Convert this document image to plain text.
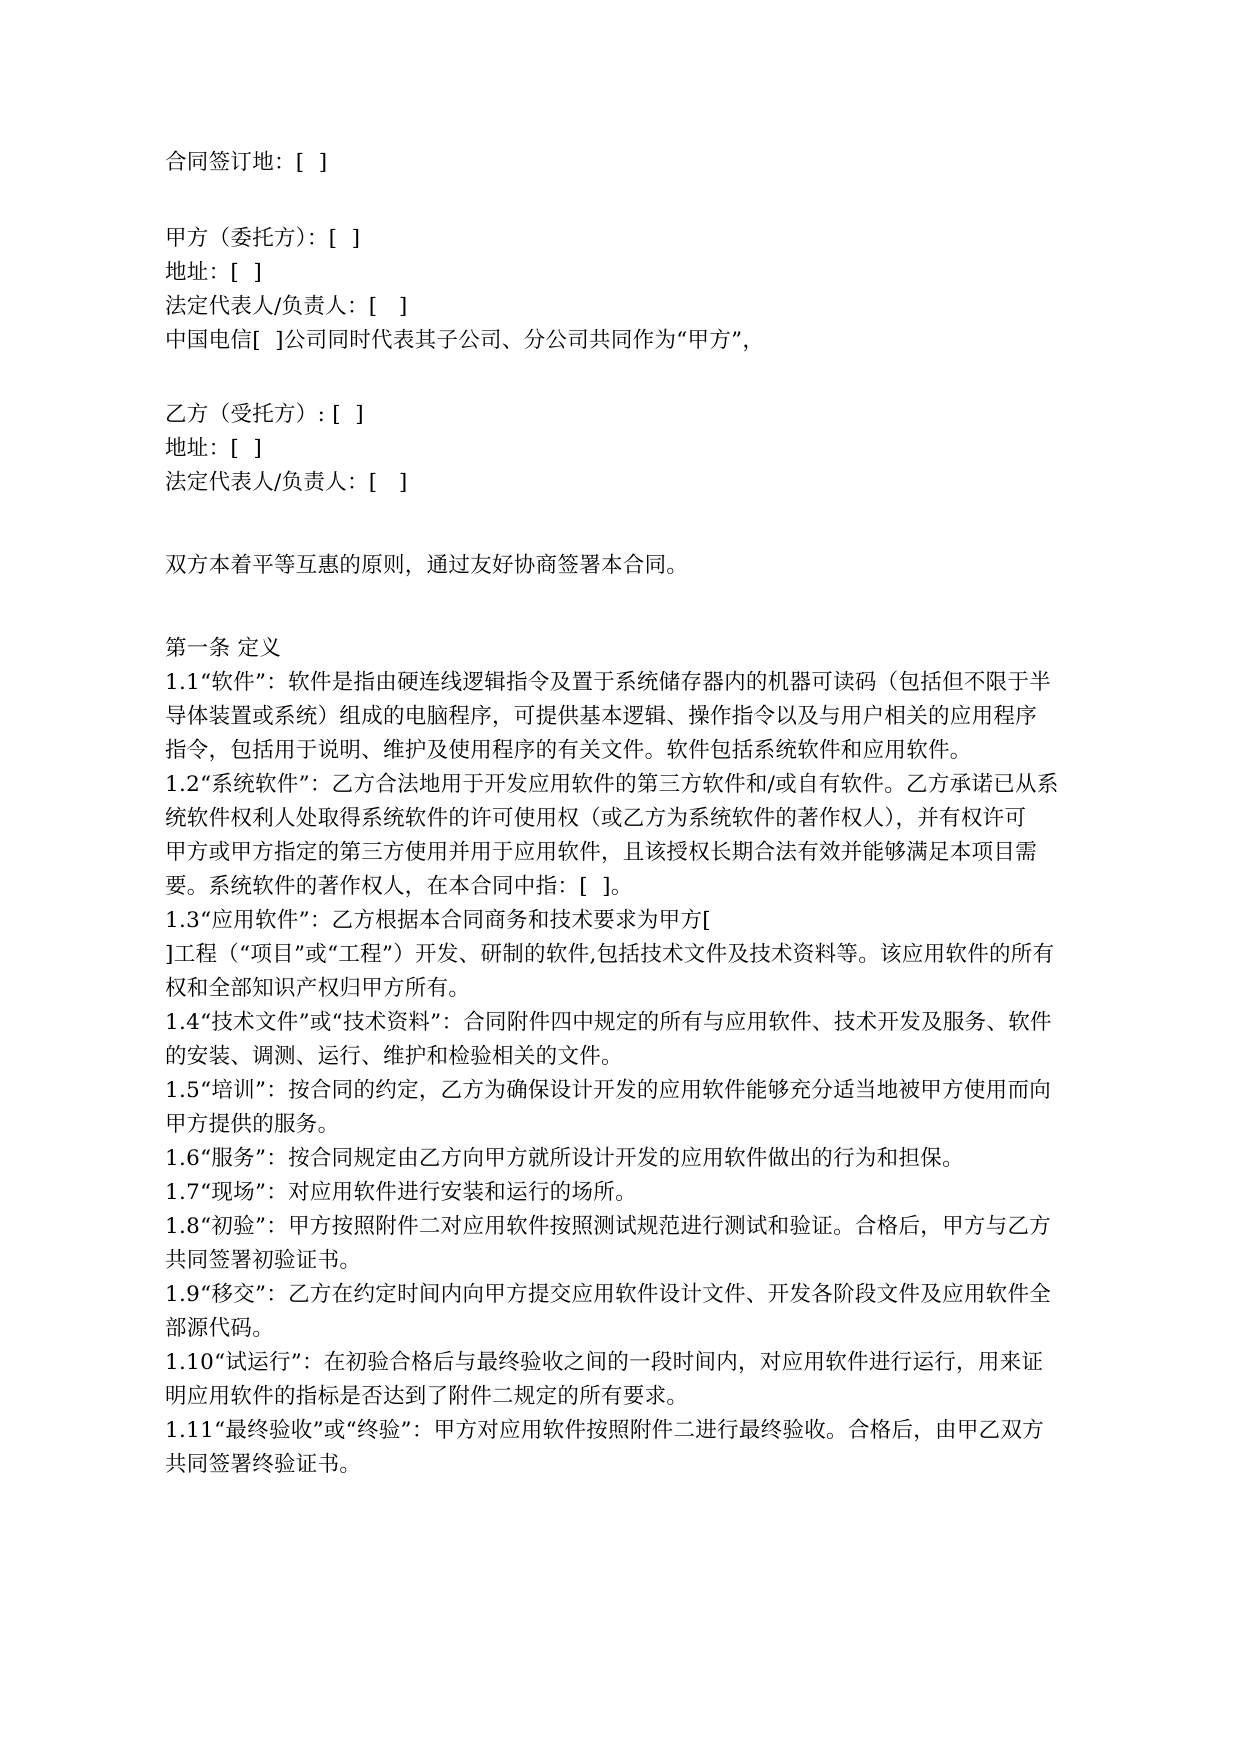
合同签订地：[  ]
甲方（委托方）：[  ]
地址：[  ]
法定代表人/负责人：[   ]
中国电信[  ]公司同时代表其子公司、分公司共同作为“甲方”，
乙方（受托方）: [  ]
地址：[  ]
法定代表人/负责人：[   ]
双方本着平等互惠的原则，通过友好协商签署本合同。
第一条 定义
1.1“软件”：软件是指由硬连线逻辑指令及置于系统储存器内的机器可读码（包括但不限于半
导体装置或系统）组成的电脑程序，可提供基本逻辑、操作指令以及与用户相关的应用程序
指令，包括用于说明、维护及使用程序的有关文件。软件包括系统软件和应用软件。
1.2“系统软件”：乙方合法地用于开发应用软件的第三方软件和/或自有软件。乙方承诺已从系
统软件权利人处取得系统软件的许可使用权（或乙方为系统软件的著作权人），并有权许可
甲方或甲方指定的第三方使用并用于应用软件，且该授权长期合法有效并能够满足本项目需
要。系统软件的著作权人，在本合同中指：[  ]。
1.3“应用软件”：乙方根据本合同商务和技术要求为甲方[
]工程（“项目”或“工程”）开发、研制的软件,包括技术文件及技术资料等。该应用软件的所有
权和全部知识产权归甲方所有。
1.4“技术文件”或“技术资料”：合同附件四中规定的所有与应用软件、技术开发及服务、软件
的安装、调测、运行、维护和检验相关的文件。
1.5“培训”：按合同的约定，乙方为确保设计开发的应用软件能够充分适当地被甲方使用而向
甲方提供的服务。
1.6“服务”：按合同规定由乙方向甲方就所设计开发的应用软件做出的行为和担保。
1.7“现场”：对应用软件进行安装和运行的场所。
1.8“初验”：甲方按照附件二对应用软件按照测试规范进行测试和验证。合格后，甲方与乙方
共同签署初验证书。
1.9“移交”：乙方在约定时间内向甲方提交应用软件设计文件、开发各阶段文件及应用软件全
部源代码。
1.10“试运行”：在初验合格后与最终验收之间的一段时间内，对应用软件进行运行，用来证
明应用软件的指标是否达到了附件二规定的所有要求。
1.11“最终验收”或“终验”：甲方对应用软件按照附件二进行最终验收。合格后，由甲乙双方
共同签署终验证书。
